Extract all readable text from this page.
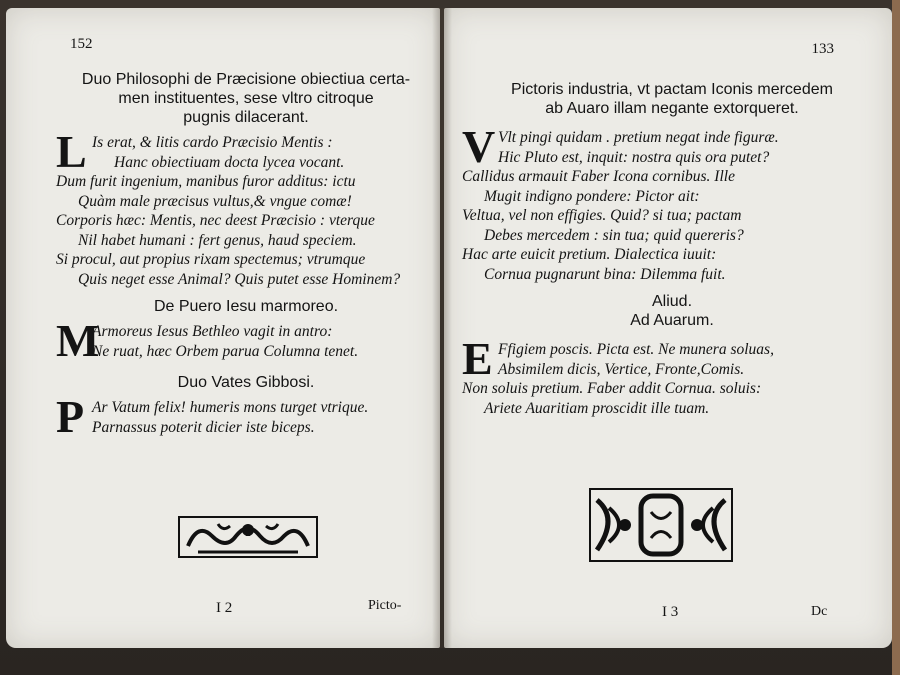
152
Duo Philosophi de Præcisione obiectiua certa-
men instituentes, sese vltro citroque
pugnis dilacerant.
L Is erat, & litis cardo Præcisio Mentis :
Hanc obiectiuam docta lycea vocant.
Dum furit ingenium, manibus furor additus: ictu
Quàm male præcisus vultus,& vngue comæ!
Corporis hæc: Mentis, nec deest Præcisio : vterque
Nil habet humani : fert genus, haud speciem.
Si procul, aut propius rixam spectemus; vtrumque
Quis neget esse Animal? Quis putet esse Hominem?
De Puero Iesu marmoreo.
M
Armoreus Iesus Bethleo vagit in antro:
Ne ruat, hæc Orbem parua Columna tenet.
Duo Vates Gibbosi.
P Ar Vatum felix! humeris mons turget vtrique.
Parnassus poterit dicier iste biceps.
I 2	Picto-
133
Pictoris industria, vt pactam Iconis mercedem
ab Auaro illam negante extorqueret.
V Vlt pingi quidam . pretium negat inde figuræ.
Hic Pluto est, inquit: nostra quis ora putet?
Callidus armauit Faber Icona cornibus. Ille
Mugit indigno pondere: Pictor ait:
Veltua, vel non effigies. Quid? si tua; pactam
Debes mercedem : sin tua; quid quereris?
Hac arte euicit pretium. Dialectica iuuit:
Cornua pugnarunt bina: Dilemma fuit.
Aliud.
Ad Auarum.
E Ffigiem poscis. Picta est. Ne munera soluas,
Absimilem dicis, Vertice, Fronte,Comis.
Non soluis pretium. Faber addit Cornua. soluis:
Ariete Auaritiam proscidit ille tuam.
I 3	Dc
